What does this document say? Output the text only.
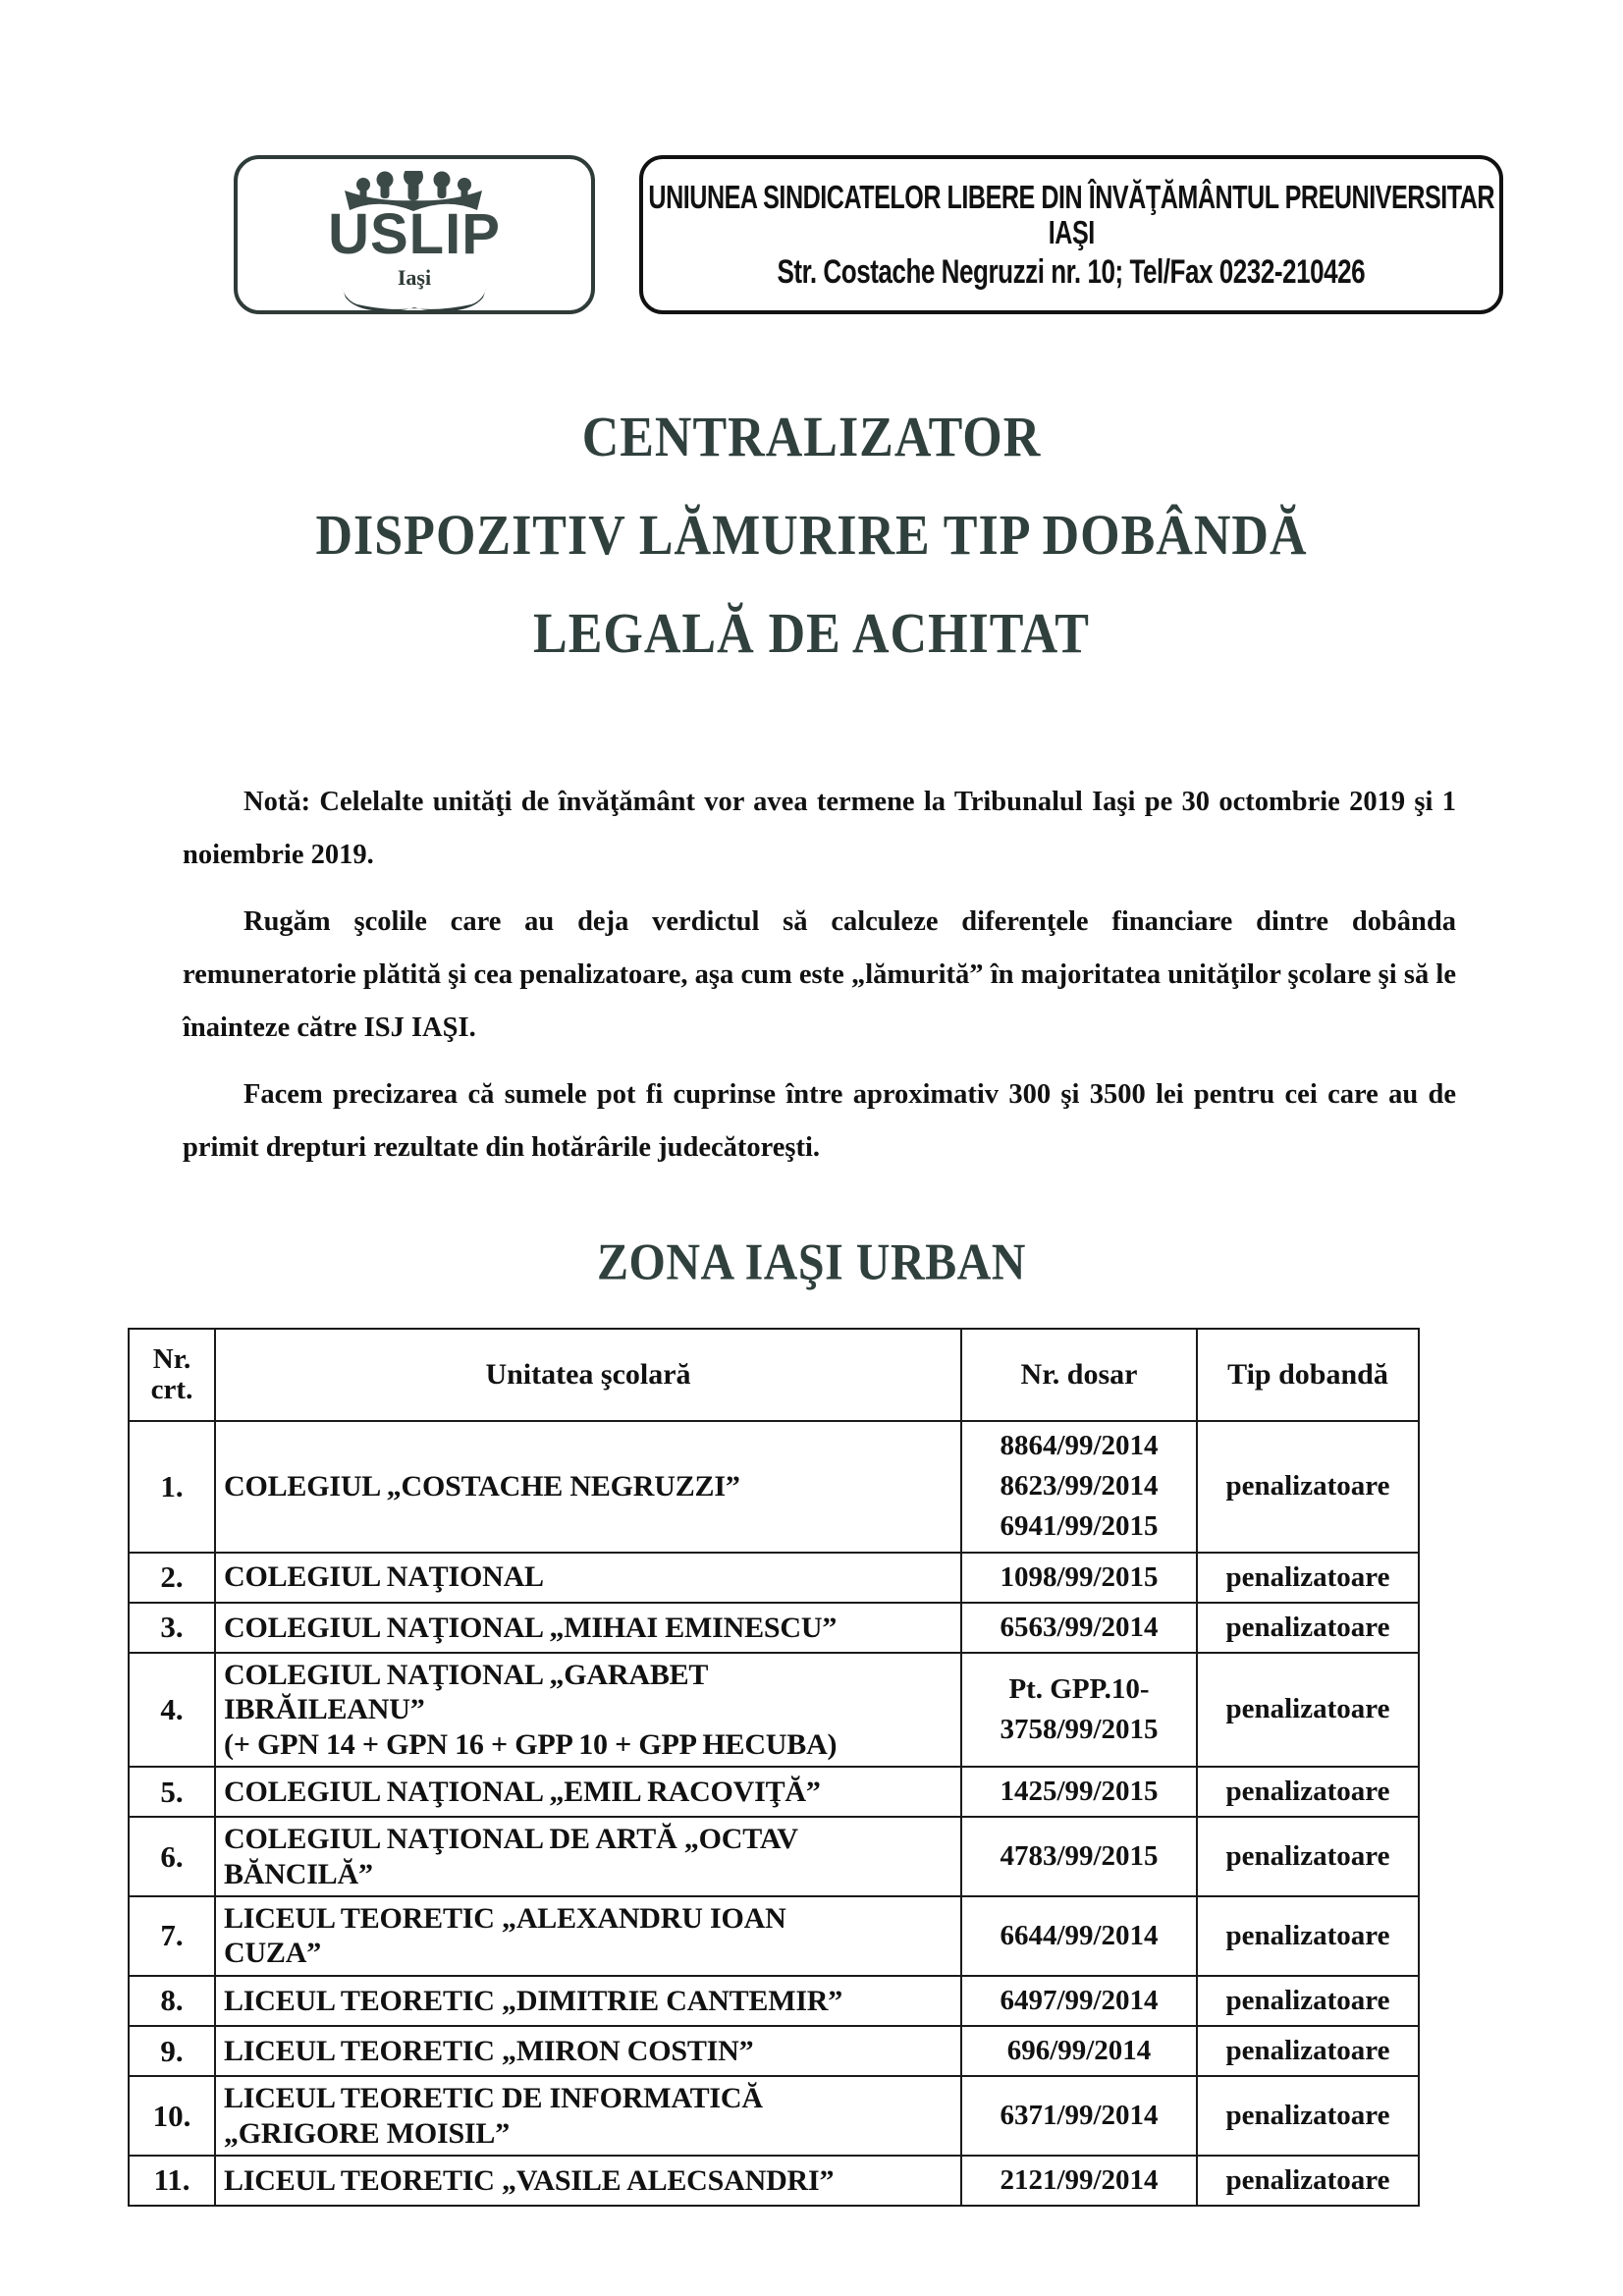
USLIP
Iaşi
UNIUNEA SINDICATELOR LIBERE DIN ÎNVĂŢĂMÂNTUL PREUNIVERSITAR
IAŞI
Str. Costache Negruzzi nr. 10; Tel/Fax 0232-210426
CENTRALIZATOR
DISPOZITIV LĂMURIRE TIP DOBÂNDĂ
LEGALĂ DE ACHITAT

Notă: Celelalte unităţi de învăţământ vor avea termene la Tribunalul Iaşi pe 30 octombrie 2019 şi 1 noiembrie 2019.

Rugăm şcolile care au deja verdictul să calculeze diferenţele financiare dintre dobânda remuneratorie plătită şi cea penalizatoare, aşa cum este „lămurită” în majoritatea unităţilor şcolare şi să le înainteze către ISJ IAŞI.

Facem precizarea că sumele pot fi cuprinse între aproximativ 300 şi 3500 lei pentru cei care au de primit drepturi rezultate din hotărârile judecătoreşti.

ZONA IAŞI URBAN
Nr.
crt.	Unitatea şcolară	Nr. dosar	Tip dobandă
1.	COLEGIUL „COSTACHE NEGRUZZI”	8864/99/2014
8623/99/2014
6941/99/2015	penalizatoare
2.	COLEGIUL NAŢIONAL	1098/99/2015	penalizatoare
3.	COLEGIUL NAŢIONAL „MIHAI EMINESCU”	6563/99/2014	penalizatoare
4.	COLEGIUL NAŢIONAL „GARABET
IBRĂILEANU”
(+ GPN 14 + GPN 16 + GPP 10 + GPP HECUBA)	Pt. GPP.10-
3758/99/2015	penalizatoare
5.	COLEGIUL NAŢIONAL „EMIL RACOVIŢĂ”	1425/99/2015	penalizatoare
6.	COLEGIUL NAŢIONAL DE ARTĂ „OCTAV
BĂNCILĂ”	4783/99/2015	penalizatoare
7.	LICEUL TEORETIC „ALEXANDRU IOAN
CUZA”	6644/99/2014	penalizatoare
8.	LICEUL TEORETIC „DIMITRIE CANTEMIR”	6497/99/2014	penalizatoare
9.	LICEUL TEORETIC „MIRON COSTIN”	696/99/2014	penalizatoare
10.	LICEUL TEORETIC DE INFORMATICĂ
„GRIGORE MOISIL”	6371/99/2014	penalizatoare
11.	LICEUL TEORETIC „VASILE ALECSANDRI”	2121/99/2014	penalizatoare
